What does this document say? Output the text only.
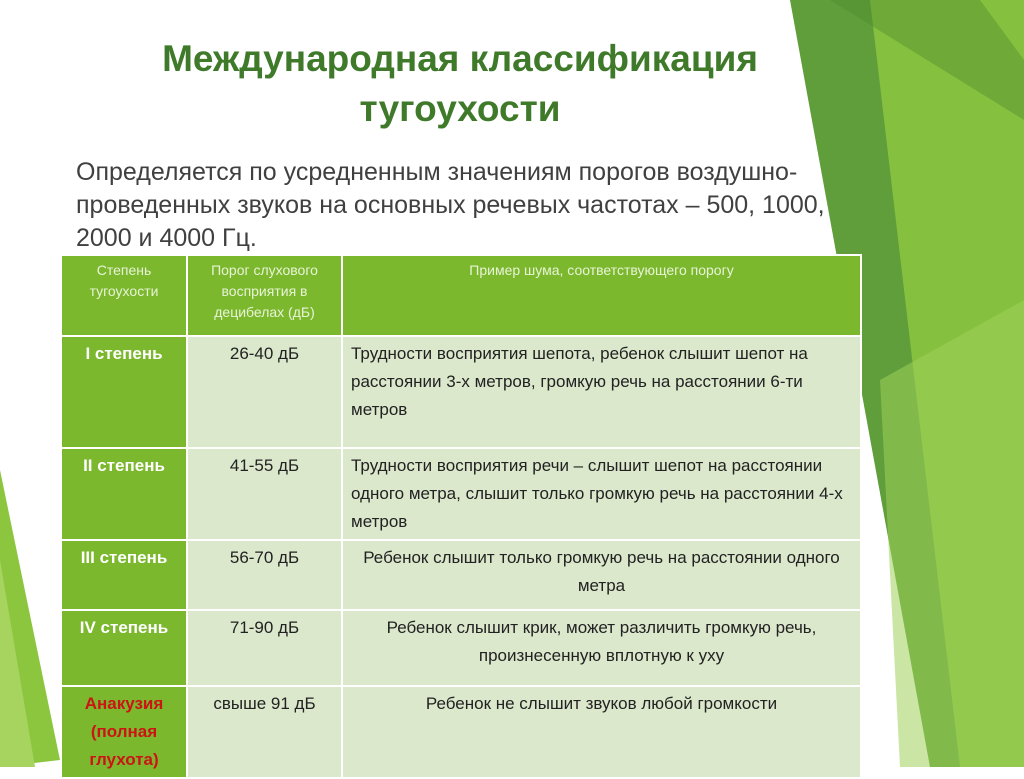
Международная классификация тугоухости
Определяется по усредненным значениям порогов воздушно-проведенных звуков на основных речевых частотах – 500, 1000, 2000 и 4000 Гц.
Степень тугоухости	Порог слухового восприятия в децибелах (дБ)	Пример шума, соответствующего порогу
I степень	26-40 дБ	Трудности восприятия шепота, ребенок слышит шепот на расстоянии 3-х метров, громкую речь на расстоянии 6-ти метров
II степень	41-55 дБ	Трудности восприятия речи – слышит шепот на расстоянии одного метра, слышит только громкую речь на расстоянии 4-х метров
III степень	56-70 дБ	Ребенок слышит только громкую речь на расстоянии одного метра
IV степень	71-90 дБ	Ребенок слышит крик, может различить громкую речь, произнесенную вплотную к уху
Анакузия (полная глухота)	свыше 91 дБ	Ребенок не слышит звуков любой громкости
